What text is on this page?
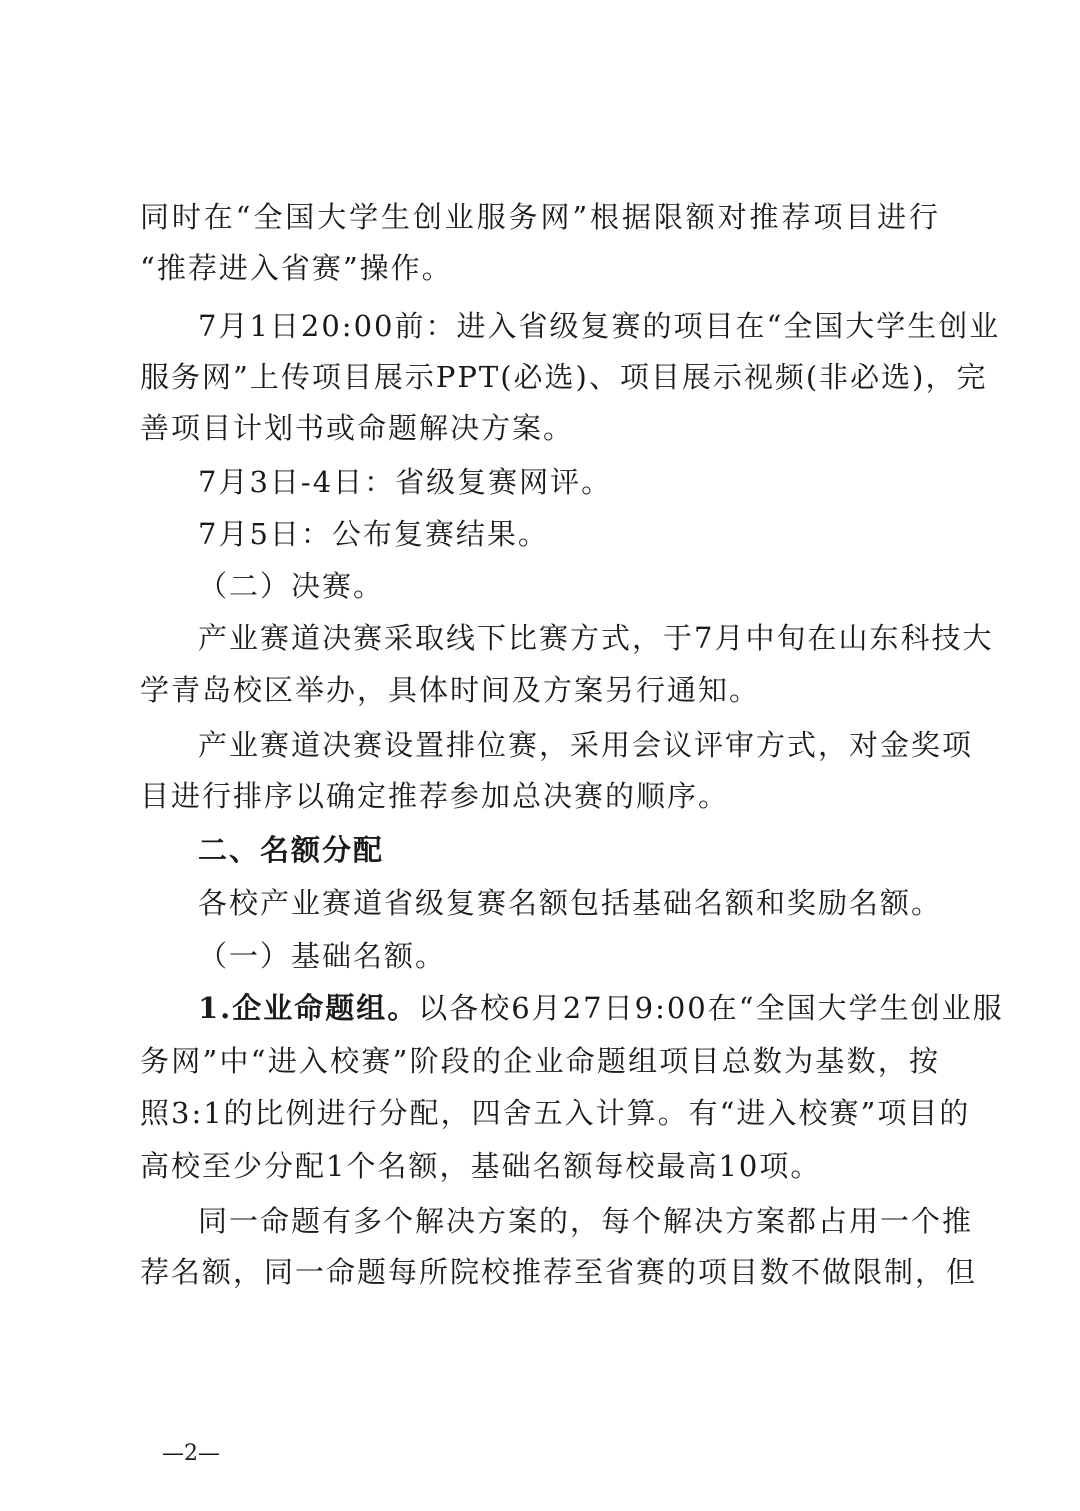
同时在“全国大学生创业服务网”根据限额对推荐项目进行
“推荐进入省赛”操作。
7月1日20:00前：进入省级复赛的项目在“全国大学生创业
服务网”上传项目展示PPT(必选)、项目展示视频(非必选)，完
善项目计划书或命题解决方案。
7月3日-4日：省级复赛网评。
7月5日：公布复赛结果。
（二）决赛。
产业赛道决赛采取线下比赛方式，于7月中旬在山东科技大
学青岛校区举办，具体时间及方案另行通知。
产业赛道决赛设置排位赛，采用会议评审方式，对金奖项
目进行排序以确定推荐参加总决赛的顺序。
二、名额分配
各校产业赛道省级复赛名额包括基础名额和奖励名额。
（一）基础名额。
1.企业命题组。以各校6月27日9:00在“全国大学生创业服
务网”中“进入校赛”阶段的企业命题组项目总数为基数，按
照3:1的比例进行分配，四舍五入计算。有“进入校赛”项目的
高校至少分配1个名额，基础名额每校最高10项。
同一命题有多个解决方案的，每个解决方案都占用一个推
荐名额，同一命题每所院校推荐至省赛的项目数不做限制，但
—2—
